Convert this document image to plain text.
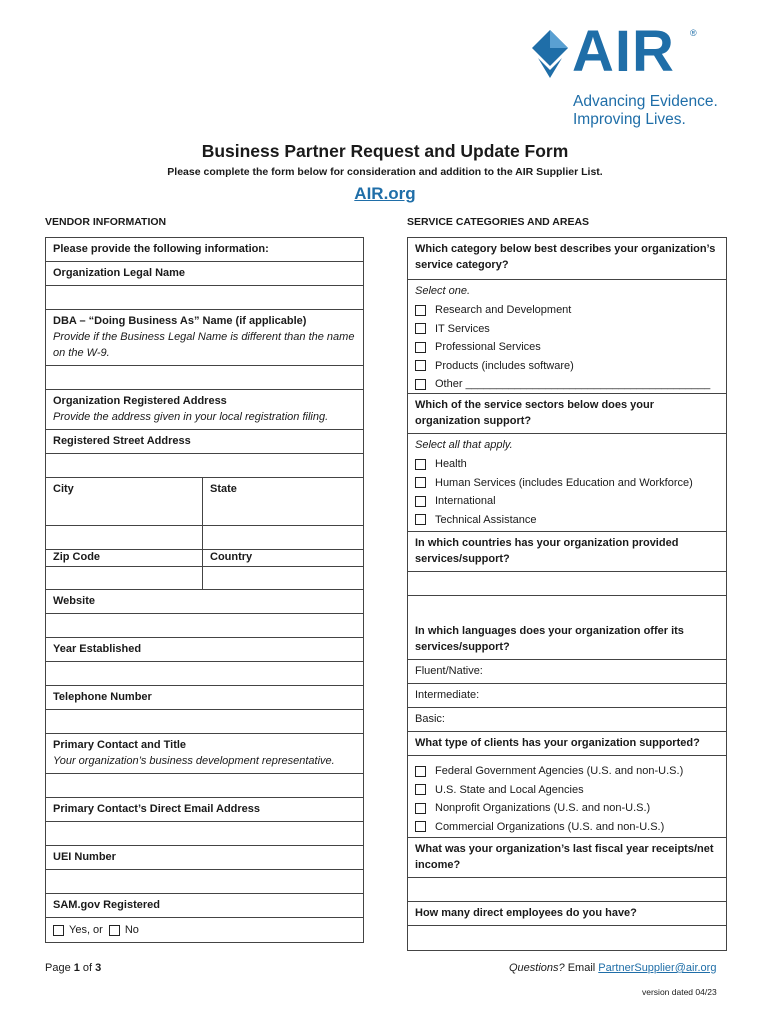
AIR ®
Advancing Evidence.
Improving Lives.
Business Partner Request and Update Form
Please complete the form below for consideration and addition to the AIR Supplier List.
AIR.org
VENDOR INFORMATION
Please provide the following information:
Organization Legal Name
DBA – “Doing Business As” Name (if applicable)
Provide if the Business Legal Name is different than the name on the W-9.
Organization Registered Address
Provide the address given in your local registration filing.
Registered Street Address
City	State
Zip Code	Country
Website
Year Established
Telephone Number
Primary Contact and Title
Your organization’s business development representative.
Primary Contact’s Direct Email Address
UEI Number
SAM.gov Registered
Yes, or No
SERVICE CATEGORIES AND AREAS
Which category below best describes your organization’s service category?
Select one.
Research and Development
IT Services
Professional Services
Products (includes software)
Other ________________________________________
Which of the service sectors below does your organization support?
Select all that apply.
Health
Human Services (includes Education and Workforce)
International
Technical Assistance
In which countries has your organization provided services/support?
In which languages does your organization offer its services/support?
Fluent/Native:
Intermediate:
Basic:
What type of clients has your organization supported?
Federal Government Agencies (U.S. and non-U.S.)
U.S. State and Local Agencies
Nonprofit Organizations (U.S. and non-U.S.)
Commercial Organizations (U.S. and non-U.S.)
What was your organization’s last fiscal year receipts/net income?
How many direct employees do you have?
Page 1 of 3	Questions? Email PartnerSupplier@air.org
version dated 04/23
